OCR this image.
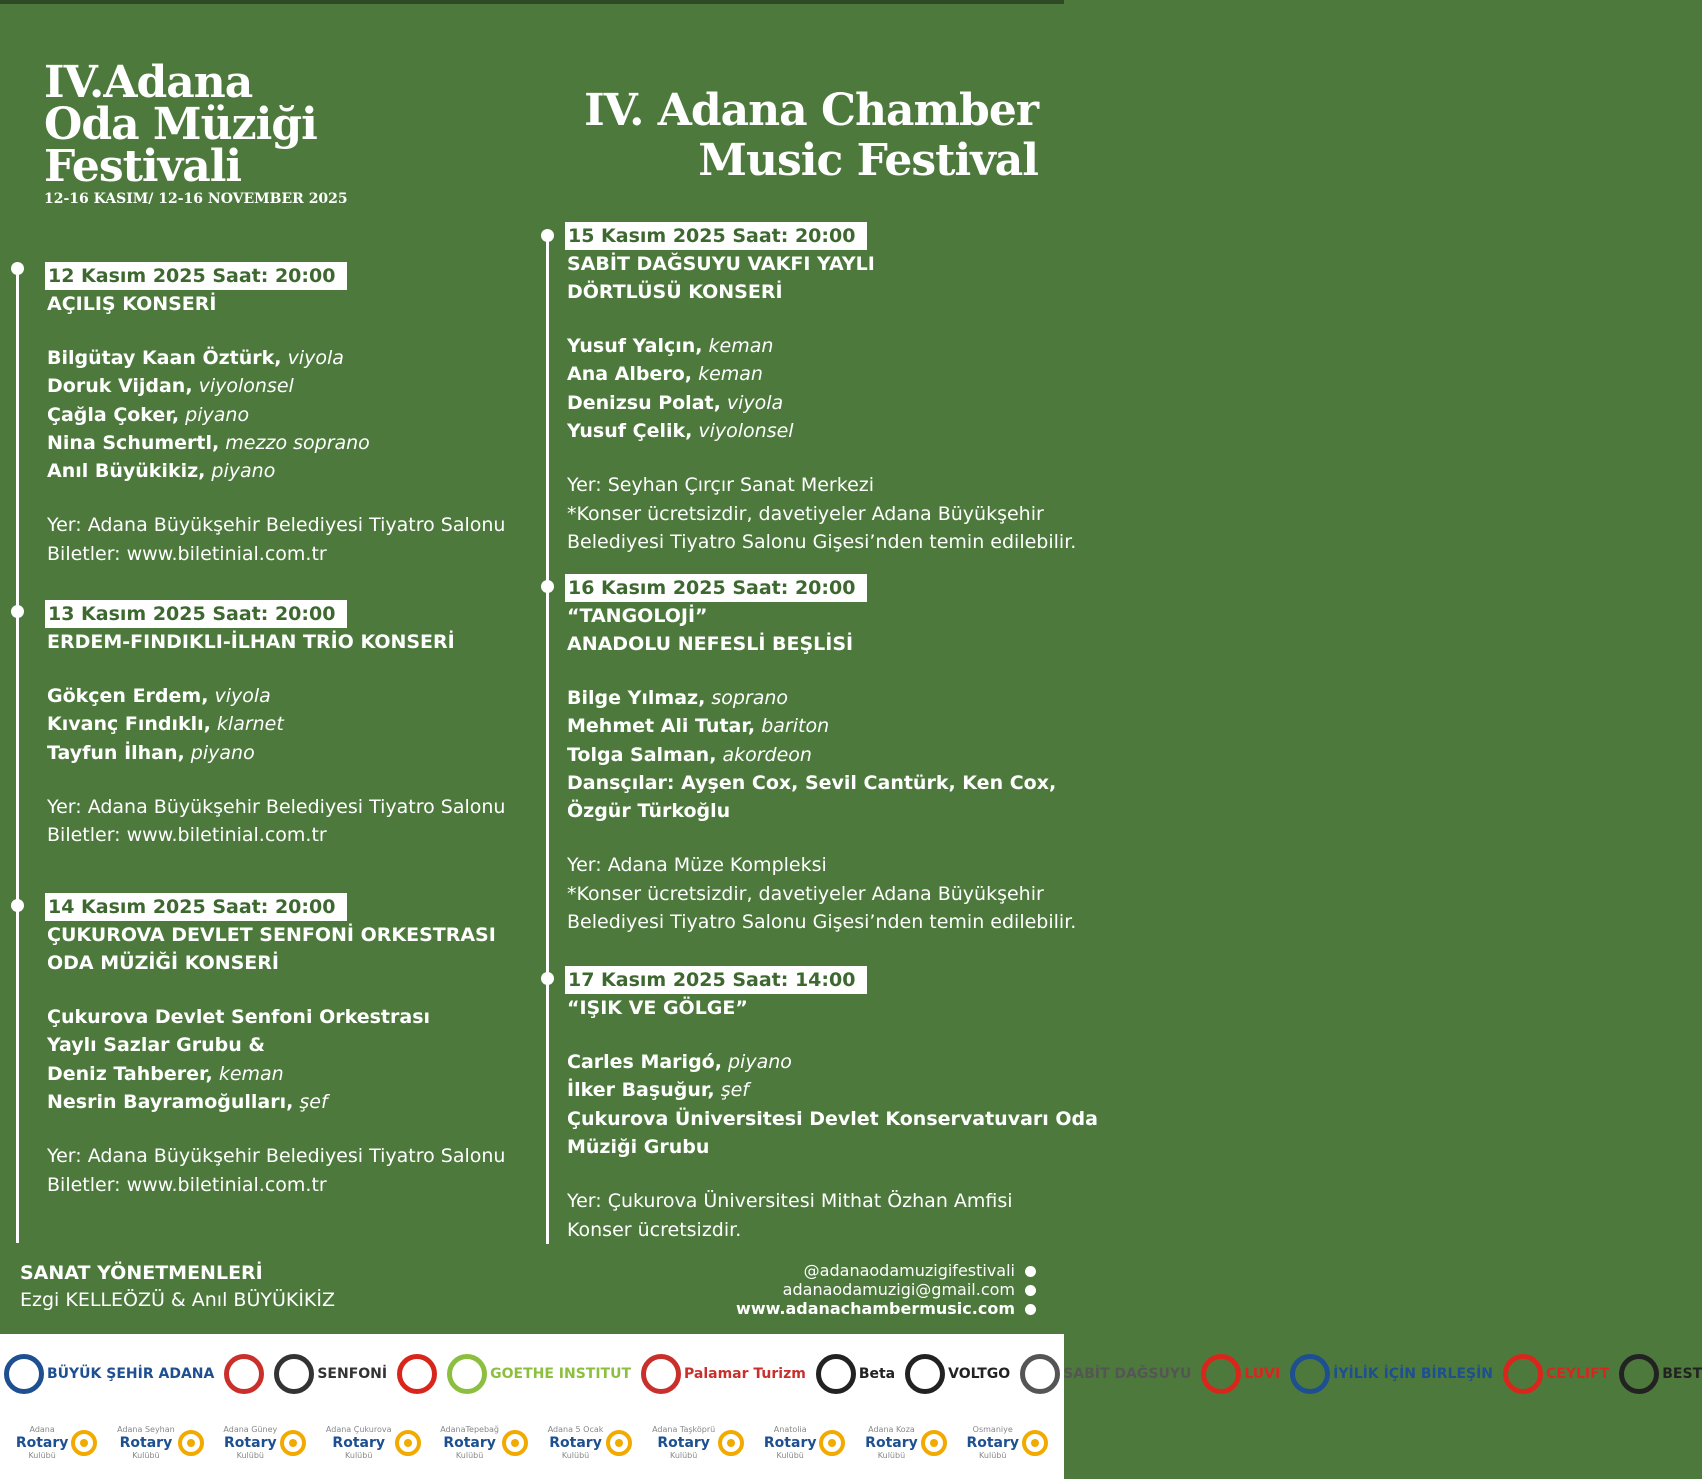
IV.Adana
Oda Müziği
Festivali
12-16 KASIM/ 12-16 NOVEMBER 2025
IV. Adana Chamber
Music Festival
12 Kasım 2025 Saat: 20:00
AÇILIŞ KONSERİ
Bilgütay Kaan Öztürk, viyola
Doruk Vijdan, viyolonsel
Çağla Çoker, piyano
Nina Schumertl, mezzo soprano
Anıl Büyükikiz, piyano
Yer: Adana Büyükşehir Belediyesi Tiyatro Salonu
Biletler: www.biletinial.com.tr
13 Kasım 2025 Saat: 20:00
ERDEM-FINDIKLI-İLHAN TRİO KONSERİ
Gökçen Erdem, viyola
Kıvanç Fındıklı, klarnet
Tayfun İlhan, piyano
Yer: Adana Büyükşehir Belediyesi Tiyatro Salonu
Biletler: www.biletinial.com.tr
14 Kasım 2025 Saat: 20:00
ÇUKUROVA DEVLET SENFONİ ORKESTRASI
ODA MÜZİĞİ KONSERİ
Çukurova Devlet Senfoni Orkestrası
Yaylı Sazlar Grubu &
Deniz Tahberer, keman
Nesrin Bayramoğulları, şef
Yer: Adana Büyükşehir Belediyesi Tiyatro Salonu
Biletler: www.biletinial.com.tr
15 Kasım 2025 Saat: 20:00
SABİT DAĞSUYU VAKFI YAYLI
DÖRTLÜSÜ KONSERİ
Yusuf Yalçın, keman
Ana Albero, keman
Denizsu Polat, viyola
Yusuf Çelik, viyolonsel
Yer: Seyhan Çırçır Sanat Merkezi
*Konser ücretsizdir, davetiyeler Adana Büyükşehir
Belediyesi Tiyatro Salonu Gişesi’nden temin edilebilir.
16 Kasım 2025 Saat: 20:00
“TANGOLOJİ”
ANADOLU NEFESLİ BEŞLİSİ
Bilge Yılmaz, soprano
Mehmet Ali Tutar, bariton
Tolga Salman, akordeon
Dansçılar: Ayşen Cox, Sevil Cantürk, Ken Cox,
Özgür Türkoğlu
Yer: Adana Müze Kompleksi
*Konser ücretsizdir, davetiyeler Adana Büyükşehir
Belediyesi Tiyatro Salonu Gişesi’nden temin edilebilir.
17 Kasım 2025 Saat: 14:00
“IŞIK VE GÖLGE”
Carles Marigó, piyano
İlker Başuğur, şef
Çukurova Üniversitesi Devlet Konservatuvarı Oda
Müziği Grubu
Yer: Çukurova Üniversitesi Mithat Özhan Amfisi
Konser ücretsizdir.
SANAT YÖNETMENLERİ
Ezgi KELLEÖZÜ & Anıl BÜYÜKİKİZ
@adanaodamuzigifestivali
adanaodamuzigi@gmail.com
www.adanachambermusic.com
BÜYÜK ŞEHİR ADANA	SENFONİ	GOETHE INSTITUT	Palamar Turizm	Beta	VOLTGO	SABİT DAĞSUYU	LUVI	İYİLİK İÇİN BİRLEŞİN	CEYLIFT	BEST
Adana
Rotary
Kulübü
Adana Seyhan
Rotary
Kulübü
Adana Güney
Rotary
Kulübü
Adana Çukurova
Rotary
Kulübü
AdanaTepebağ
Rotary
Kulübü
Adana 5 Ocak
Rotary
Kulübü
Adana Taşköprü
Rotary
Kulübü
Anatolia
Rotary
Kulübü
Adana Koza
Rotary
Kulübü
Osmaniye
Rotary
Kulübü
